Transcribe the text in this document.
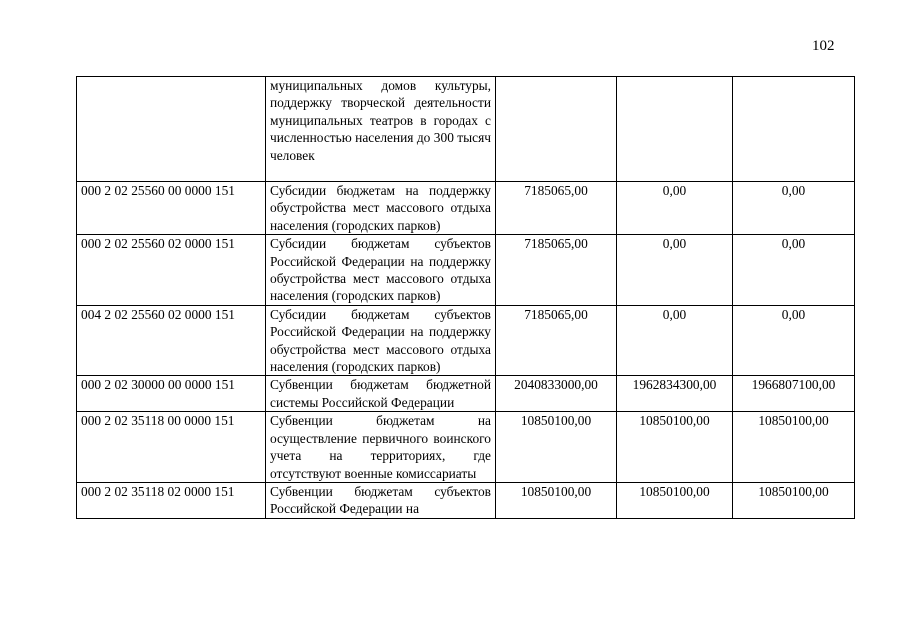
102
	муниципальных домов культуры, поддержку творческой деятельности муниципальных театров в городах с численностью населения до 300 тысяч человек			
000 2 02 25560 00 0000 151	Субсидии бюджетам на поддержку обустройства мест массового отдыха населения (городских парков)	7185065,00	0,00	0,00
000 2 02 25560 02 0000 151	Субсидии бюджетам субъектов Российской Федерации на поддержку обустройства мест массового отдыха населения (городских парков)	7185065,00	0,00	0,00
004 2 02 25560 02 0000 151	Субсидии бюджетам субъектов Российской Федерации на поддержку обустройства мест массового отдыха населения (городских парков)	7185065,00	0,00	0,00
000 2 02 30000 00 0000 151	Субвенции бюджетам бюджетной системы Российской Федерации	2040833000,00	1962834300,00	1966807100,00
000 2 02 35118 00 0000 151	Субвенции бюджетам на осуществление первичного воинского учета на территориях, где отсутствуют военные комиссариаты	10850100,00	10850100,00	10850100,00
000 2 02 35118 02 0000 151	Субвенции бюджетам субъектов Российской Федерации на	10850100,00	10850100,00	10850100,00
